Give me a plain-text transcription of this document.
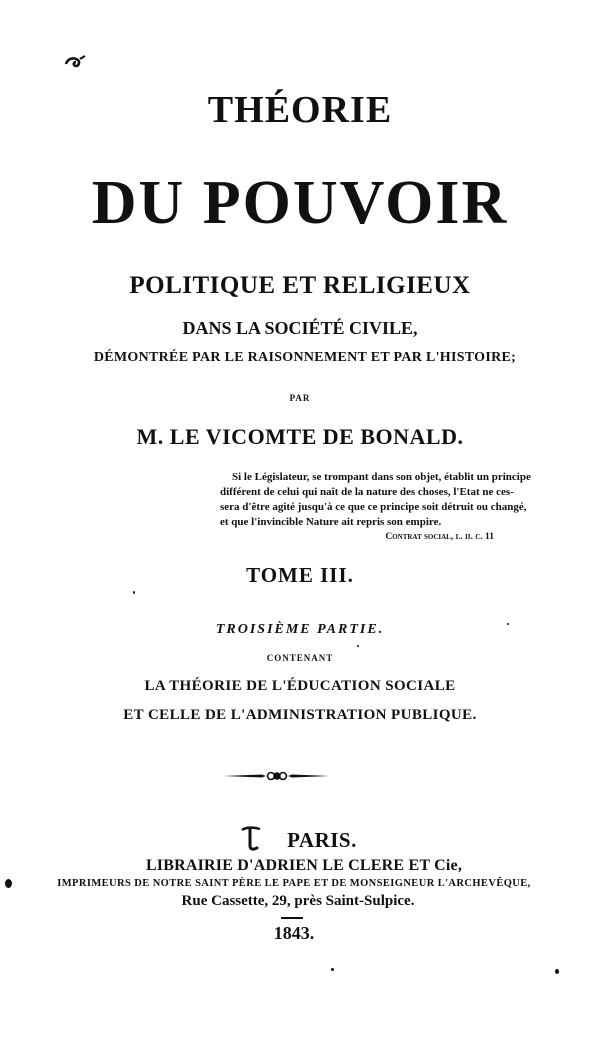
THÉORIE
DU POUVOIR
POLITIQUE ET RELIGIEUX
DANS LA SOCIÉTÉ CIVILE,
DÉMONTRÉE PAR LE RAISONNEMENT ET PAR L'HISTOIRE;
PAR
M. LE VICOMTE DE BONALD.
Si le Législateur, se trompant dans son objet, établit un principe
différent de celui qui naît de la nature des choses, l'Etat ne ces-
sera d'être agité jusqu'à ce que ce principe soit détruit ou changé,
et que l'invincible Nature ait repris son empire.
Contrat social, l. ii. c. 11
TOME III.
TROISIÈME PARTIE.
CONTENANT
LA THÉORIE DE L'ÉDUCATION SOCIALE
ET CELLE DE L'ADMINISTRATION PUBLIQUE.
PARIS.
LIBRAIRIE D'ADRIEN LE CLERE ET Cie,
IMPRIMEURS DE NOTRE SAINT PÈRE LE PAPE ET DE MONSEIGNEUR L'ARCHEVÊQUE,
Rue Cassette, 29, près Saint-Sulpice.
1843.
